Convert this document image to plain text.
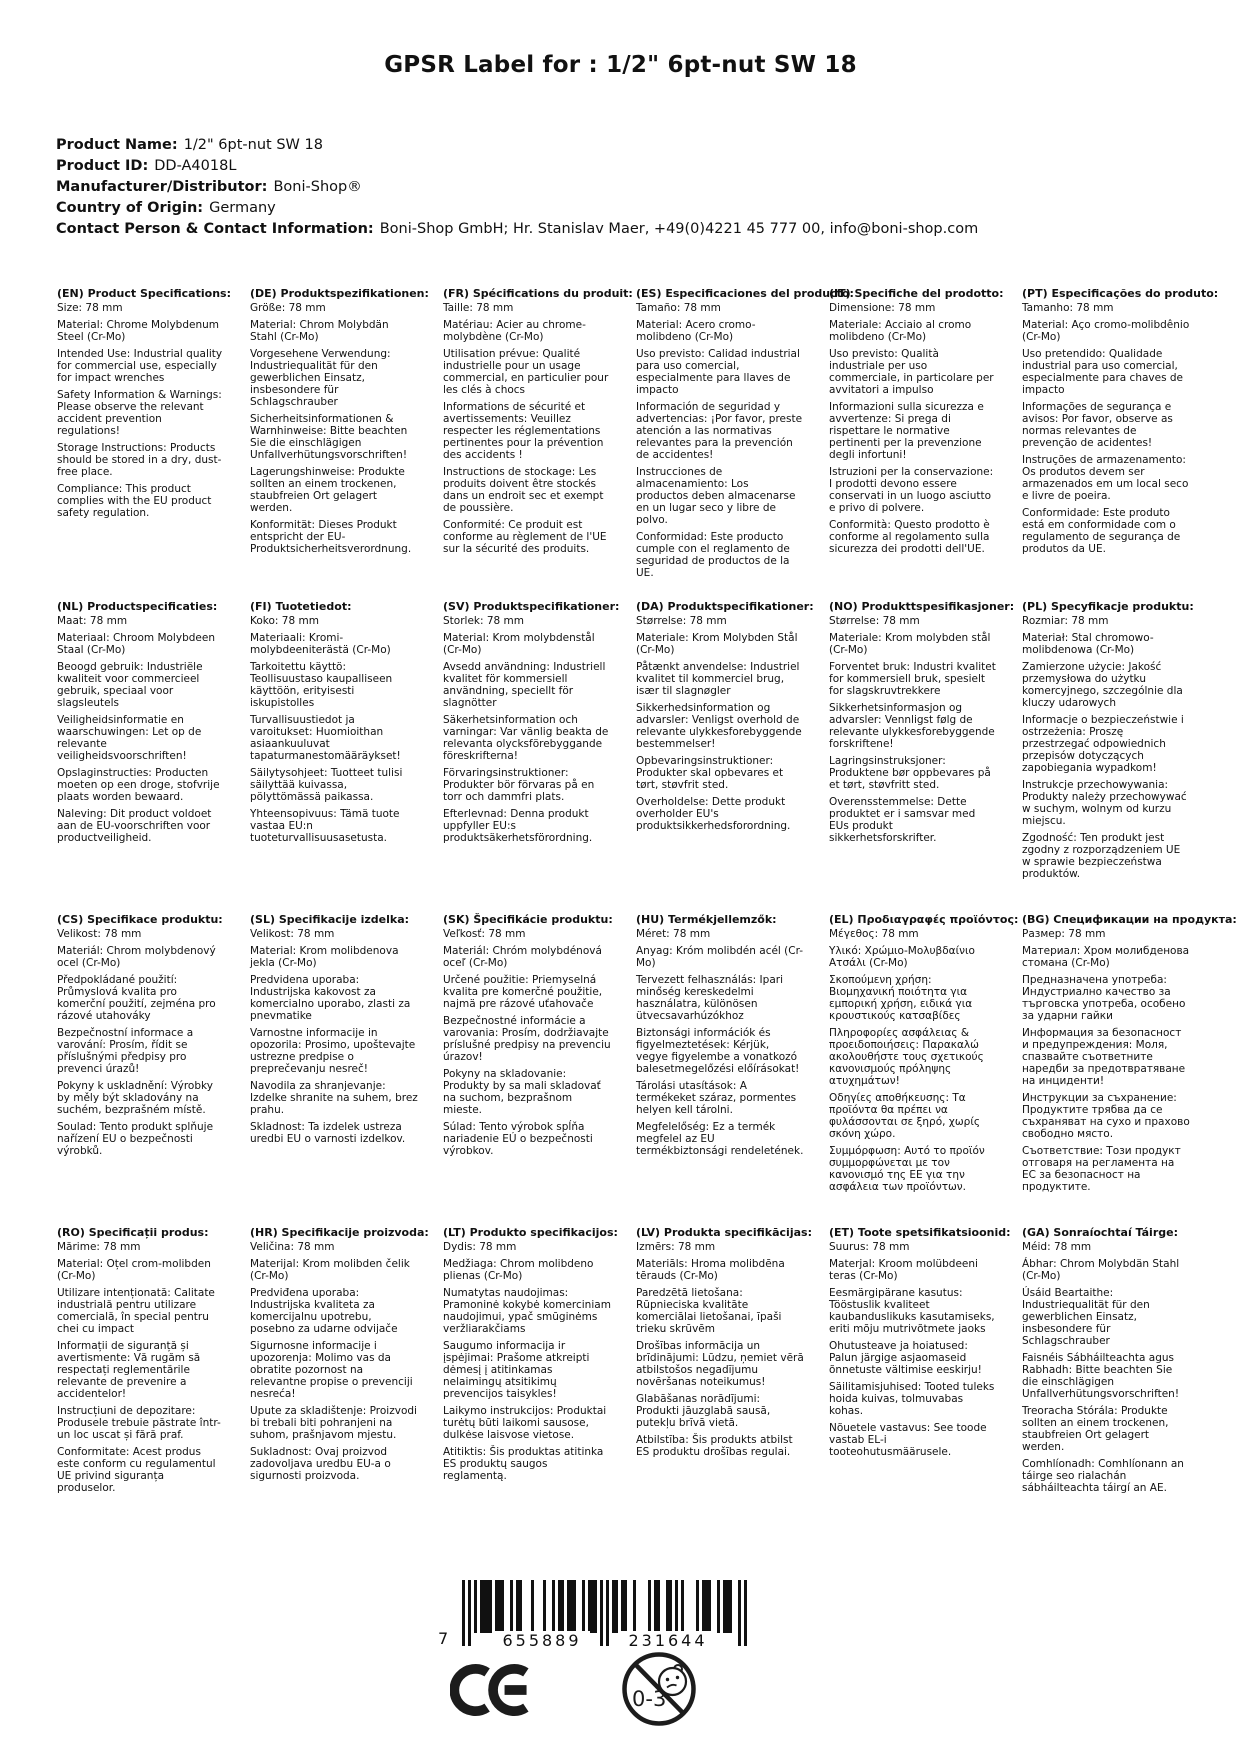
GPSR Label for : 1/2" 6pt-nut SW 18
Product Name: 1/2" 6pt-nut SW 18
Product ID: DD-A4018L
Manufacturer/Distributor: Boni-Shop®
Country of Origin: Germany
Contact Person & Contact Information: Boni-Shop GmbH; Hr. Stanislav Maer, +49(0)4221 45 777 00, info@boni-shop.com

(EN) Product Specifications:

Size: 78 mm

Material: Chrome Molybdenum Steel (Cr-Mo)

Intended Use: Industrial quality for commercial use, especially for impact wrenches

Safety Information & Warnings: Please observe the relevant accident prevention regulations!

Storage Instructions: Products should be stored in a dry, dust-free place.

Compliance: This product complies with the EU product safety regulation.

(DE) Produktspezifikationen:

Größe: 78 mm

Material: Chrom Molybdän Stahl (Cr-Mo)

Vorgesehene Verwendung: Industriequalität für den gewerblichen Einsatz, insbesondere für Schlagschrauber

Sicherheitsinformationen & Warnhinweise: Bitte beachten Sie die einschlägigen Unfallverhütungsvorschriften!

Lagerungshinweise: Produkte sollten an einem trockenen, staubfreien Ort gelagert werden.

Konformität: Dieses Produkt entspricht der EU-Produktsicherheitsverordnung.

(FR) Spécifications du produit:

Taille: 78 mm

Matériau: Acier au chrome-molybdène (Cr-Mo)

Utilisation prévue: Qualité industrielle pour un usage commercial, en particulier pour les clés à chocs

Informations de sécurité et avertissements: Veuillez respecter les réglementations pertinentes pour la prévention des accidents !

Instructions de stockage: Les produits doivent être stockés dans un endroit sec et exempt de poussière.

Conformité: Ce produit est conforme au règlement de l'UE sur la sécurité des produits.

(ES) Especificaciones del producto:

Tamaño: 78 mm

Material: Acero cromo-molibdeno (Cr-Mo)

Uso previsto: Calidad industrial para uso comercial, especialmente para llaves de impacto

Información de seguridad y advertencias: ¡Por favor, preste atención a las normativas relevantes para la prevención de accidentes!

Instrucciones de almacenamiento: Los productos deben almacenarse en un lugar seco y libre de polvo.

Conformidad: Este producto cumple con el reglamento de seguridad de productos de la UE.

(IT) Specifiche del prodotto:

Dimensione: 78 mm

Materiale: Acciaio al cromo molibdeno (Cr-Mo)

Uso previsto: Qualità industriale per uso commerciale, in particolare per avvitatori a impulso

Informazioni sulla sicurezza e avvertenze: Si prega di rispettare le normative pertinenti per la prevenzione degli infortuni!

Istruzioni per la conservazione: I prodotti devono essere conservati in un luogo asciutto e privo di polvere.

Conformità: Questo prodotto è conforme al regolamento sulla sicurezza dei prodotti dell'UE.

(PT) Especificações do produto:

Tamanho: 78 mm

Material: Aço cromo-molibdênio (Cr-Mo)

Uso pretendido: Qualidade industrial para uso comercial, especialmente para chaves de impacto

Informações de segurança e avisos: Por favor, observe as normas relevantes de prevenção de acidentes!

Instruções de armazenamento: Os produtos devem ser armazenados em um local seco e livre de poeira.

Conformidade: Este produto está em conformidade com o regulamento de segurança de produtos da UE.

(NL) Productspecificaties:

Maat: 78 mm

Materiaal: Chroom Molybdeen Staal (Cr-Mo)

Beoogd gebruik: Industriële kwaliteit voor commercieel gebruik, speciaal voor slagsleutels

Veiligheidsinformatie en waarschuwingen: Let op de relevante veiligheidsvoorschriften!

Opslaginstructies: Producten moeten op een droge, stofvrije plaats worden bewaard.

Naleving: Dit product voldoet aan de EU-voorschriften voor productveiligheid.

(FI) Tuotetiedot:

Koko: 78 mm

Materiaali: Kromi-molybdeeniterästä (Cr-Mo)

Tarkoitettu käyttö: Teollisuustaso kaupalliseen käyttöön, erityisesti iskupistolles

Turvallisuustiedot ja varoitukset: Huomioithan asiaankuuluvat tapaturmanestomääräykset!

Säilytysohjeet: Tuotteet tulisi säilyttää kuivassa, pölyttömässä paikassa.

Yhteensopivuus: Tämä tuote vastaa EU:n tuoteturvallisuusasetusta.

(SV) Produktspecifikationer:

Storlek: 78 mm

Material: Krom molybdenstål (Cr-Mo)

Avsedd användning: Industriell kvalitet för kommersiell användning, speciellt för slagnötter

Säkerhetsinformation och varningar: Var vänlig beakta de relevanta olycksförebyggande föreskrifterna!

Förvaringsinstruktioner: Produkter bör förvaras på en torr och dammfri plats.

Efterlevnad: Denna produkt uppfyller EU:s produktsäkerhetsförordning.

(DA) Produktspecifikationer:

Størrelse: 78 mm

Materiale: Krom Molybden Stål (Cr-Mo)

Påtænkt anvendelse: Industriel kvalitet til kommerciel brug, især til slagnøgler

Sikkerhedsinformation og advarsler: Venligst overhold de relevante ulykkesforebyggende bestemmelser!

Opbevaringsinstruktioner: Produkter skal opbevares et tørt, støvfrit sted.

Overholdelse: Dette produkt overholder EU's produktsikkerhedsforordning.

(NO) Produkttspesifikasjoner:

Størrelse: 78 mm

Materiale: Krom molybden stål (Cr-Mo)

Forventet bruk: Industri kvalitet for kommersiell bruk, spesielt for slagskruvtrekkere

Sikkerhetsinformasjon og advarsler: Vennligst følg de relevante ulykkesforebyggende forskriftene!

Lagringsinstruksjoner: Produktene bør oppbevares på et tørt, støvfritt sted.

Overensstemmelse: Dette produktet er i samsvar med EUs produkt sikkerhetsforskrifter.

(PL) Specyfikacje produktu:

Rozmiar: 78 mm

Materiał: Stal chromowo-molibdenowa (Cr-Mo)

Zamierzone użycie: Jakość przemysłowa do użytku komercyjnego, szczególnie dla kluczy udarowych

Informacje o bezpieczeństwie i ostrzeżenia: Proszę przestrzegać odpowiednich przepisów dotyczących zapobiegania wypadkom!

Instrukcje przechowywania: Produkty należy przechowywać w suchym, wolnym od kurzu miejscu.

Zgodność: Ten produkt jest zgodny z rozporządzeniem UE w sprawie bezpieczeństwa produktów.

(CS) Specifikace produktu:

Velikost: 78 mm

Materiál: Chrom molybdenový ocel (Cr-Mo)

Předpokládané použití: Průmyslová kvalita pro komerční použití, zejména pro rázové utahováky

Bezpečnostní informace a varování: Prosím, řídit se příslušnými předpisy pro prevenci úrazů!

Pokyny k uskladnění: Výrobky by měly být skladovány na suchém, bezprašném místě.

Soulad: Tento produkt splňuje nařízení EU o bezpečnosti výrobků.

(SL) Specifikacije izdelka:

Velikost: 78 mm

Material: Krom molibdenova jekla (Cr-Mo)

Predvidena uporaba: Industrijska kakovost za komercialno uporabo, zlasti za pnevmatike

Varnostne informacije in opozorila: Prosimo, upoštevajte ustrezne predpise o preprečevanju nesreč!

Navodila za shranjevanje: Izdelke shranite na suhem, brez prahu.

Skladnost: Ta izdelek ustreza uredbi EU o varnosti izdelkov.

(SK) Špecifikácie produktu:

Veľkosť: 78 mm

Materiál: Chróm molybdénová oceľ (Cr-Mo)

Určené použitie: Priemyselná kvalita pre komerčné použitie, najmä pre rázové uťahovače

Bezpečnostné informácie a varovania: Prosím, dodržiavajte príslušné predpisy na prevenciu úrazov!

Pokyny na skladovanie: Produkty by sa mali skladovať na suchom, bezprašnom mieste.

Súlad: Tento výrobok spĺňa nariadenie EÚ o bezpečnosti výrobkov.

(HU) Termékjellemzők:

Méret: 78 mm

Anyag: Króm molibdén acél (Cr-Mo)

Tervezett felhasználás: Ipari minőség kereskedelmi használatra, különösen ütvecsavarhúzókhoz

Biztonsági információk és figyelmeztetések: Kérjük, vegye figyelembe a vonatkozó balesetmegelőzési előírásokat!

Tárolási utasítások: A termékeket száraz, pormentes helyen kell tárolni.

Megfelelőség: Ez a termék megfelel az EU termékbiztonsági rendeletének.

(EL) Προδιαγραφές προϊόντος:

Μέγεθος: 78 mm

Υλικό: Χρώμιο-Μολυβδαίνιο Ατσάλι (Cr-Mo)

Σκοπούμενη χρήση: Βιομηχανική ποιότητα για εμπορική χρήση, ειδικά για κρουστικούς κατσαβίδες

Πληροφορίες ασφάλειας & προειδοποιήσεις: Παρακαλώ ακολουθήστε τους σχετικούς κανονισμούς πρόληψης ατυχημάτων!

Οδηγίες αποθήκευσης: Τα προϊόντα θα πρέπει να φυλάσσονται σε ξηρό, χωρίς σκόνη χώρο.

Συμμόρφωση: Αυτό το προϊόν συμμορφώνεται με τον κανονισμό της ΕΕ για την ασφάλεια των προϊόντων.

(BG) Спецификации на продукта:

Размер: 78 mm

Материал: Хром молибденова стомана (Cr-Mo)

Предназначена употреба: Индустриално качество за търговска употреба, особено за ударни гайки

Информация за безопасност и предупреждения: Моля, спазвайте съответните наредби за предотвратяване на инциденти!

Инструкции за съхранение: Продуктите трябва да се съхраняват на сухо и прахово свободно място.

Съответствие: Този продукт отговаря на регламента на ЕС за безопасност на продуктите.

(RO) Specificații produs:

Mărime: 78 mm

Material: Oțel crom-molibden (Cr-Mo)

Utilizare intenționată: Calitate industrială pentru utilizare comercială, în special pentru chei cu impact

Informații de siguranță și avertismente: Vă rugăm să respectați reglementările relevante de prevenire a accidentelor!

Instrucțiuni de depozitare: Produsele trebuie păstrate într-un loc uscat și fără praf.

Conformitate: Acest produs este conform cu regulamentul UE privind siguranța produselor.

(HR) Specifikacije proizvoda:

Veličina: 78 mm

Materijal: Krom molibden čelik (Cr-Mo)

Predviđena uporaba: Industrijska kvaliteta za komercijalnu upotrebu, posebno za udarne odvijače

Sigurnosne informacije i upozorenja: Molimo vas da obratite pozornost na relevantne propise o prevenciji nesreća!

Upute za skladištenje: Proizvodi bi trebali biti pohranjeni na suhom, prašnjavom mjestu.

Sukladnost: Ovaj proizvod zadovoljava uredbu EU-a o sigurnosti proizvoda.

(LT) Produkto specifikacijos:

Dydis: 78 mm

Medžiaga: Chrom molibdeno plienas (Cr-Mo)

Numatytas naudojimas: Pramoninė kokybė komerciniam naudojimui, ypač smūginėms veržliarakčiams

Saugumo informacija ir įspėjimai: Prašome atkreipti dėmesį į atitinkamas nelaimingų atsitikimų prevencijos taisykles!

Laikymo instrukcijos: Produktai turėtų būti laikomi sausose, dulkėse laisvose vietose.

Atitiktis: Šis produktas atitinka ES produktų saugos reglamentą.

(LV) Produkta specifikācijas:

Izmērs: 78 mm

Materiāls: Hroma molibdēna tērauds (Cr-Mo)

Paredzētā lietošana: Rūpnieciska kvalitāte komerciālai lietošanai, īpaši trieku skrūvēm

Drošības informācija un brīdinājumi: Lūdzu, ņemiet vērā atbilstošos negadījumu novēršanas noteikumus!

Glabāšanas norādījumi: Produkti jāuzglabā sausā, putekļu brīvā vietā.

Atbilstība: Šis produkts atbilst ES produktu drošības regulai.

(ET) Toote spetsifikatsioonid:

Suurus: 78 mm

Materjal: Kroom molübdeeni teras (Cr-Mo)

Eesmärgipärane kasutus: Tööstuslik kvaliteet kaubanduslikuks kasutamiseks, eriti mõju mutrivõtmete jaoks

Ohutusteave ja hoiatused: Palun järgige asjaomaseid õnnetuste vältimise eeskirju!

Säilitamisjuhised: Tooted tuleks hoida kuivas, tolmuvabas kohas.

Nõuetele vastavus: See toode vastab EL-i tooteohutusmäärusele.

(GA) Sonraíochtaí Táirge:

Méid: 78 mm

Ábhar: Chrom Molybdän Stahl (Cr-Mo)

Úsáid Beartaithe: Industriequalität für den gewerblichen Einsatz, insbesondere für Schlagschrauber

Faisnéis Sábháilteachta agus Rabhadh: Bitte beachten Sie die einschlägigen Unfallverhütungsvorschriften!

Treoracha Stórála: Produkte sollten an einem trockenen, staubfreien Ort gelagert werden.

Comhlíonadh: Comhlíonann an táirge seo rialachán sábháilteachta táirgí an AE.

7	655889	231644
0-3
